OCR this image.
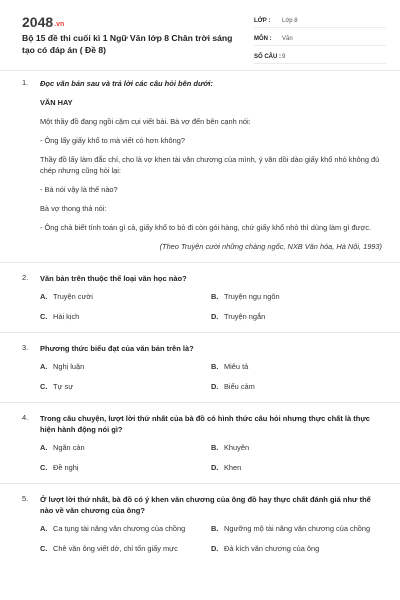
2048.vn
Bộ 15 đề thi cuối kì 1 Ngữ Văn lớp 8 Chân trời sáng tạo có đáp án ( Đề 8)
LỚP :	Lớp 8
MÔN :	Văn
SỐ CÂU : 9
1. Đọc văn bản sau và trả lời các câu hỏi bên dưới:

VĂN HAY

Một thầy đồ đang ngồi cặm cụi viết bài. Bà vợ đến bên cạnh nói:

- Ông lấy giấy khổ to mà viết có hơn không?

Thầy đồ lấy làm đắc chí, cho là vợ khen tài văn chương của mình, ý văn dồi dào giấy khổ nhỏ không đủ chép nhưng cũng hỏi lại:

- Bà nói vậy là thế nào?

Bà vợ thong thả nói:

- Ông chả biết tính toán gì cả, giấy khổ to bỏ đi còn gói hàng, chứ giấy khổ nhỏ thì dùng làm gì được.

(Theo Truyện cười những chàng ngốc, NXB Văn hóa, Hà Nội, 1993)

2. Văn bản trên thuộc thể loại văn học nào?
A. Truyện cười	B. Truyện ngụ ngôn
C. Hài kịch	D. Truyện ngắn
3. Phương thức biểu đạt của văn bản trên là?
A. Nghị luận	B. Miêu tả
C. Tự sự	D. Biểu cảm
4. Trong câu chuyện, lượt lời thứ nhất của bà đồ có hình thức câu hỏi nhưng thực chất là thực hiện hành động nói gì?
A. Ngăn cản	B. Khuyên
C. Đề nghị	D. Khen
5. Ở lượt lời thứ nhất, bà đồ có ý khen văn chương của ông đồ hay thực chất đánh giá như thế nào về văn chương của ông?
A. Ca tụng tài năng văn chương của chồng	B. Ngưỡng mộ tài năng văn chương của chồng
C. Chê văn ông viết dở, chỉ tốn giấy mực	D. Đả kích văn chương của ông
